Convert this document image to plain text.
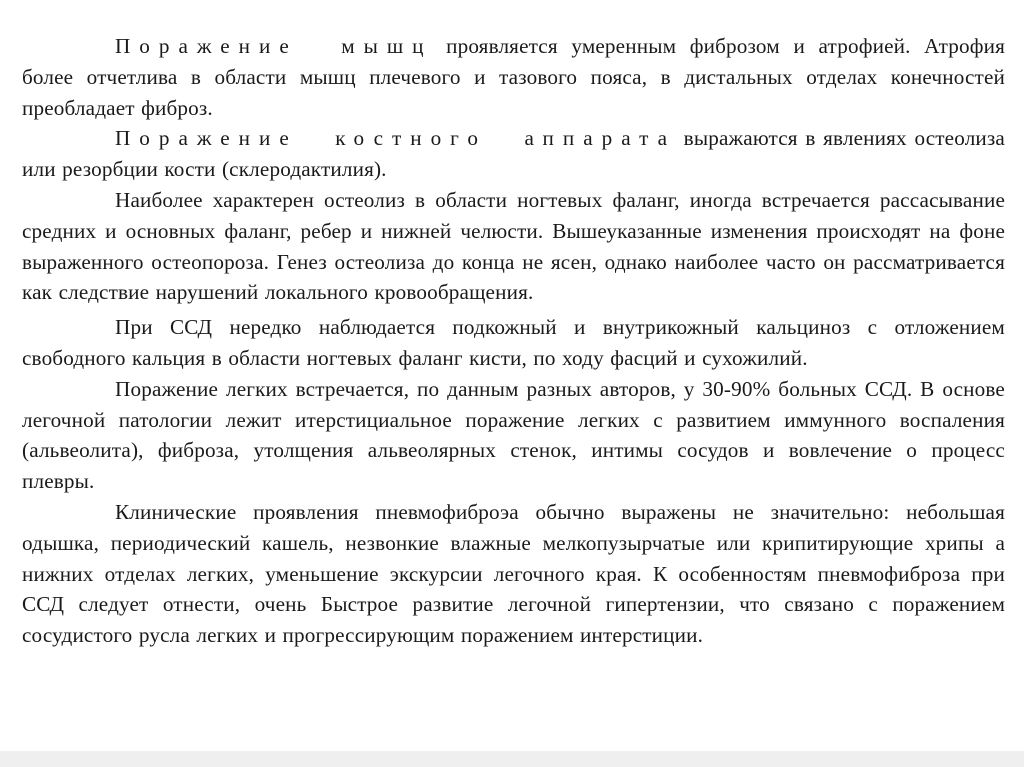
Поражение мышц проявляется умеренным фиброзом и атрофией. Атрофия более отчетлива в области мышц плечевого и тазового пояса, в дистальных отделах конечностей преобладает фиброз.

Поражение костного аппарата выражаются в явлениях остеолиза или резорбции кости (склеродактилия).

Наиболее характерен остеолиз в области ногтевых фаланг, иногда встречается рассасывание средних и основных фаланг, ребер и нижней челюсти. Вышеуказанные изменения происходят на фоне выраженного остеопороза. Генез остеолиза до конца не ясен, однако наиболее часто он рассматривается как следствие нарушений локального кровообращения.

При ССД нередко наблюдается подкожный и внутрикожный кальциноз с отложением свободного кальция в области ногтевых фаланг кисти, по ходу фасций и сухожилий.

Поражение легких встречается, по данным разных авторов, у 30-90% больных ССД. В основе легочной патологии лежит итерстициальное поражение легких с развитием иммунного воспаления (альвеолита), фиброза, утолщения альвеолярных стенок, интимы сосудов и вовлечение о процесс плевры.

Клинические проявления пневмофиброэа обычно выражены не значительно: небольшая одышка, периодический кашель, незвонкие влажные мелкопузырчатые или крипитирующие хрипы а нижних отделах легких, уменьшение экскурсии легочного края. К особенностям пневмофиброза при ССД следует отнести, очень Быстрое развитие легочной гипертензии, что связано с поражением сосудистого русла легких и прогрессирующим поражением интерстиции.
